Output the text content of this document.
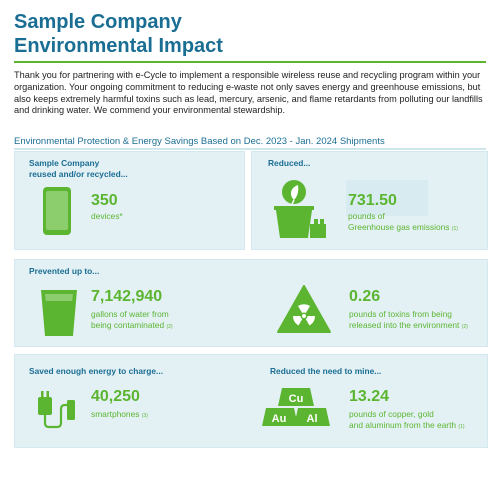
Sample Company
Environmental Impact
Thank you for partnering with e-Cycle to implement a responsible wireless reuse and recycling program within your organization. Your ongoing commitment to reducing e-waste not only saves energy and greenhouse emissions, but also keeps extremely harmful toxins such as lead, mercury, arsenic, and flame retardants from polluting our landfills and drinking water. We commend your environmental stewardship.
Environmental Protection & Energy Savings Based on Dec. 2023 - Jan. 2024 Shipments
Sample Company
reused and/or recycled...
350
devices*
Reduced...
731.50
pounds of
Greenhouse gas emissions (1)
Prevented up to...
7,142,940
gallons of water from
being contaminated (2)
0.26
pounds of toxins from being
released into the environment (2)
Saved enough energy to charge...
40,250
smartphones (3)
Reduced the need to mine...
Cu
Au Al
13.24
pounds of copper, gold
and aluminum from the earth (1)
